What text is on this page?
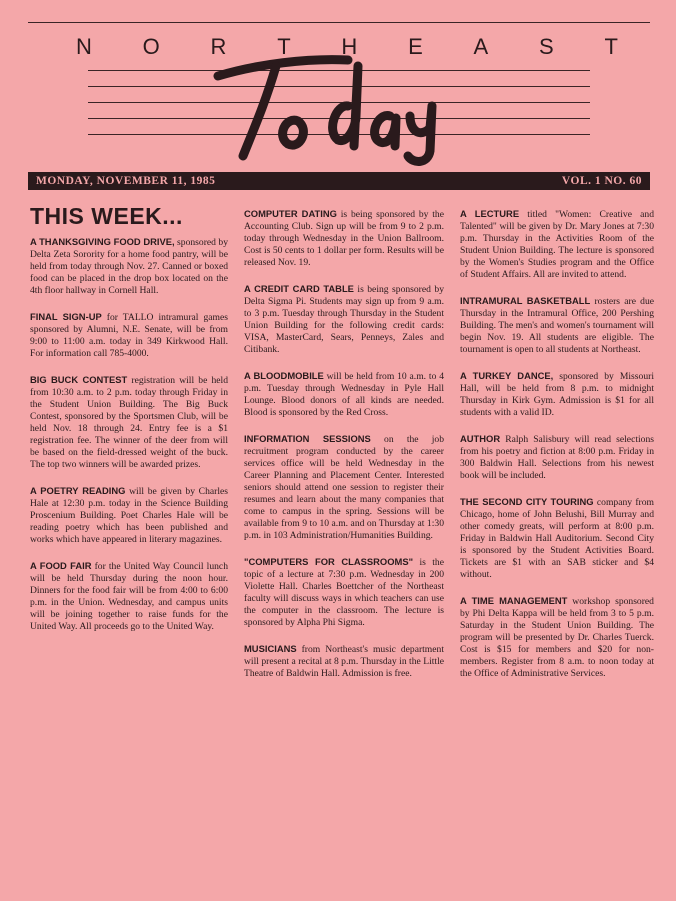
N O R T H E A S T
MONDAY, NOVEMBER 11, 1985	VOL. 1 NO. 60
THIS WEEK...
A THANKSGIVING FOOD DRIVE, sponsored by Delta Zeta Sorority for a home food pantry, will be held from today through Nov. 27. Canned or boxed food can be placed in the drop box located on the 4th floor hallway in Cornell Hall.
FINAL SIGN-UP for TALLO intramural games sponsored by Alumni, N.E. Senate, will be from 9:00 to 11:00 a.m. today in 349 Kirkwood Hall. For information call 785-4000.
BIG BUCK CONTEST registration will be held from 10:30 a.m. to 2 p.m. today through Friday in the Student Union Building. The Big Buck Contest, sponsored by the Sportsmen Club, will be held Nov. 18 through 24. Entry fee is a $1 registration fee. The winner of the deer from will be based on the field-dressed weight of the buck. The top two winners will be awarded prizes.
A POETRY READING will be given by Charles Hale at 12:30 p.m. today in the Science Building Proscenium Building. Poet Charles Hale will be reading poetry which has been published and works which have appeared in literary magazines.
A FOOD FAIR for the United Way Council lunch will be held Thursday during the noon hour. Dinners for the food fair will be from 4:00 to 6:00 p.m. in the Union. Wednesday, and campus units will be joining together to raise funds for the United Way. All proceeds go to the United Way.
COMPUTER DATING is being sponsored by the Accounting Club. Sign up will be from 9 to 2 p.m. today through Wednesday in the Union Ballroom. Cost is 50 cents to 1 dollar per form. Results will be released Nov. 19.
A CREDIT CARD TABLE is being sponsored by Delta Sigma Pi. Students may sign up from 9 a.m. to 3 p.m. Tuesday through Thursday in the Student Union Building for the following credit cards: VISA, MasterCard, Sears, Penneys, Zales and Citibank.
A BLOODMOBILE will be held from 10 a.m. to 4 p.m. Tuesday through Wednesday in Pyle Hall Lounge. Blood donors of all kinds are needed. Blood is sponsored by the Red Cross.
INFORMATION SESSIONS on the job recruitment program conducted by the career services office will be held Wednesday in the Career Planning and Placement Center. Interested seniors should attend one session to register their resumes and learn about the many companies that come to campus in the spring. Sessions will be available from 9 to 10 a.m. and on Thursday at 1:30 p.m. in 103 Administration/Humanities Building.
"COMPUTERS FOR CLASSROOMS" is the topic of a lecture at 7:30 p.m. Wednesday in 200 Violette Hall. Charles Boettcher of the Northeast faculty will discuss ways in which teachers can use the computer in the classroom. The lecture is sponsored by Alpha Phi Sigma.
MUSICIANS from Northeast's music department will present a recital at 8 p.m. Thursday in the Little Theatre of Baldwin Hall. Admission is free.
A LECTURE titled "Women: Creative and Talented" will be given by Dr. Mary Jones at 7:30 p.m. Thursday in the Activities Room of the Student Union Building. The lecture is sponsored by the Women's Studies program and the Office of Student Affairs. All are invited to attend.
INTRAMURAL BASKETBALL rosters are due Thursday in the Intramural Office, 200 Pershing Building. The men's and women's tournament will begin Nov. 19. All students are eligible. The tournament is open to all students at Northeast.
A TURKEY DANCE, sponsored by Missouri Hall, will be held from 8 p.m. to midnight Thursday in Kirk Gym. Admission is $1 for all students with a valid ID.
AUTHOR Ralph Salisbury will read selections from his poetry and fiction at 8:00 p.m. Friday in 300 Baldwin Hall. Selections from his newest book will be included.
THE SECOND CITY TOURING company from Chicago, home of John Belushi, Bill Murray and other comedy greats, will perform at 8:00 p.m. Friday in Baldwin Hall Auditorium. Second City is sponsored by the Student Activities Board. Tickets are $1 with an SAB sticker and $4 without.
A TIME MANAGEMENT workshop sponsored by Phi Delta Kappa will be held from 3 to 5 p.m. Saturday in the Student Union Building. The program will be presented by Dr. Charles Tuerck. Cost is $15 for members and $20 for non-members. Register from 8 a.m. to noon today at the Office of Administrative Services.
